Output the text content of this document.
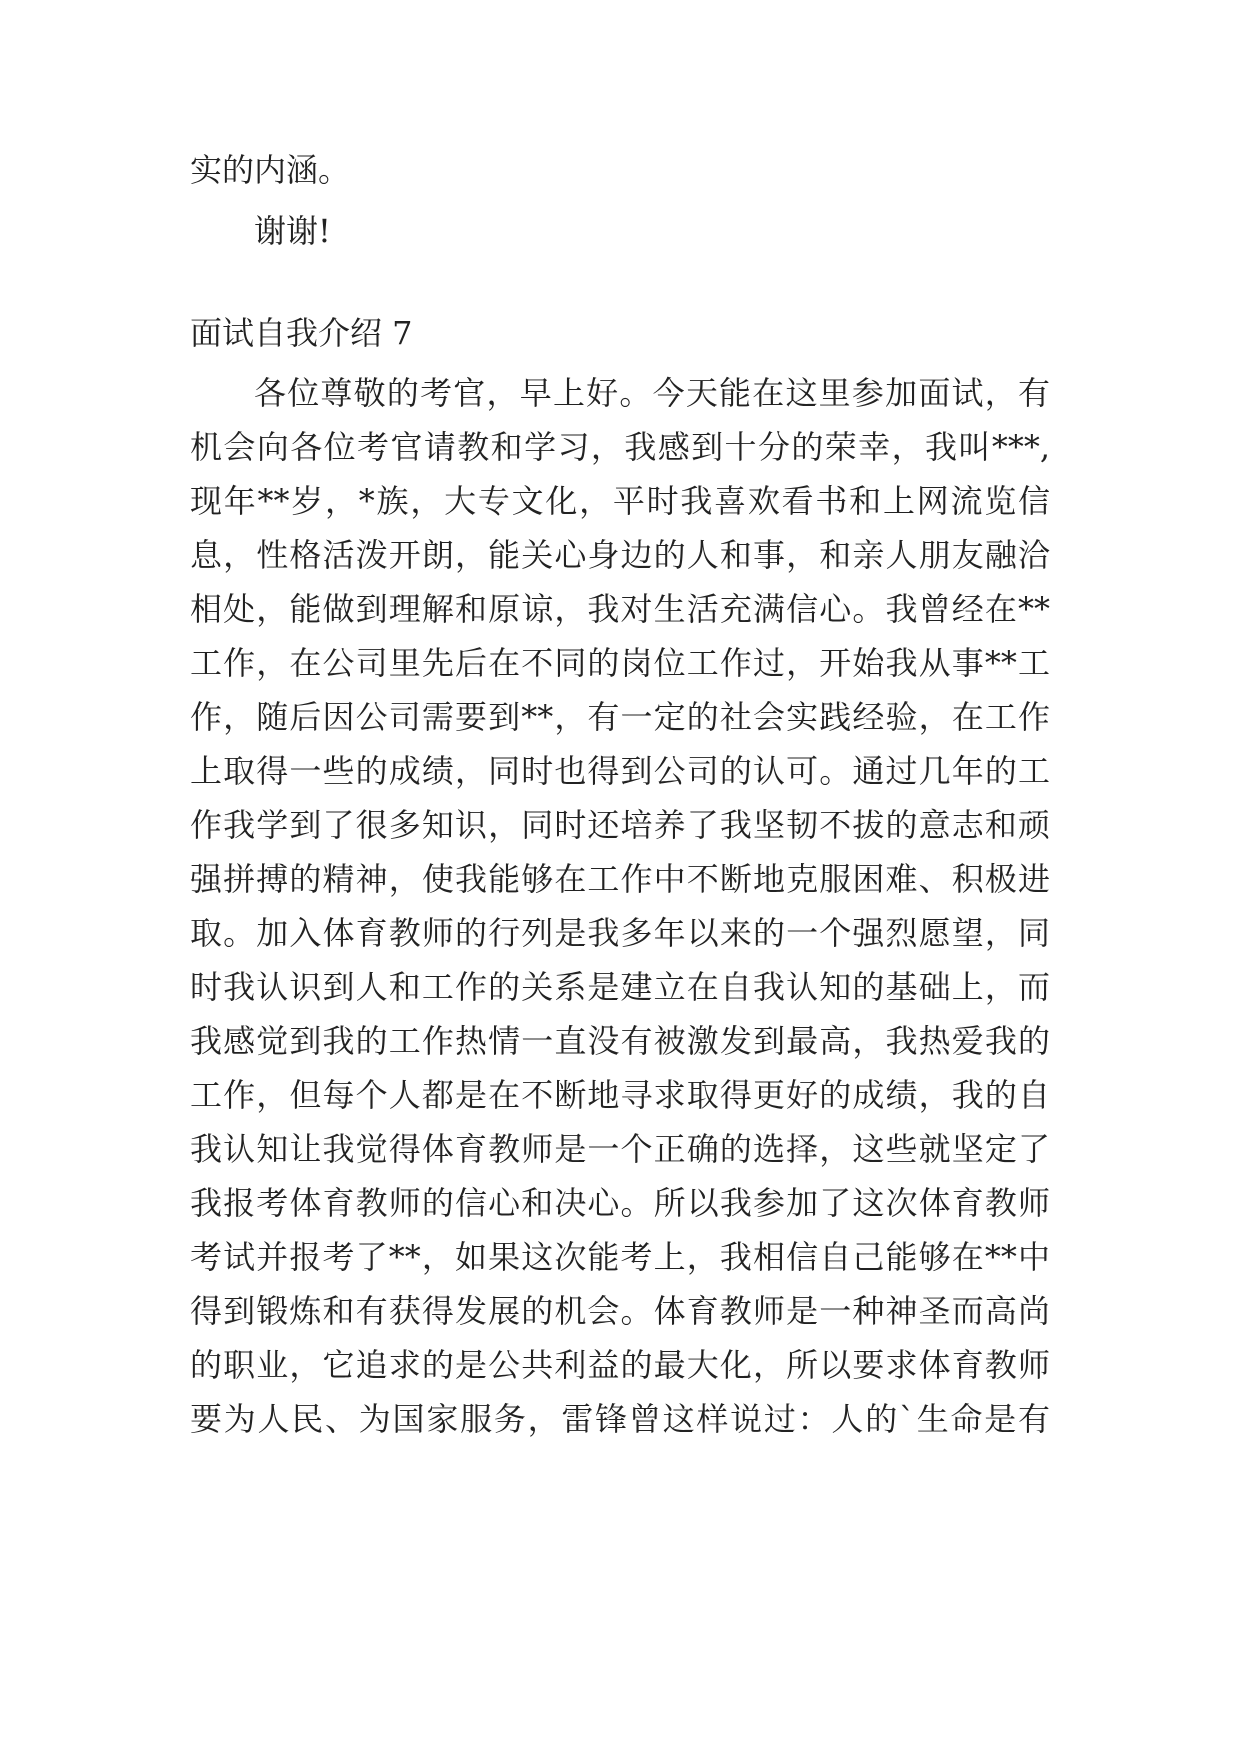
实的内涵。
谢谢!
面试自我介绍 7
各位尊敬的考官，早上好。今天能在这里参加面试，有
机会向各位考官请教和学习，我感到十分的荣幸，我叫***,
现年**岁，*族，大专文化，平时我喜欢看书和上网流览信
息，性格活泼开朗，能关心身边的人和事，和亲人朋友融洽
相处，能做到理解和原谅，我对生活充满信心。我曾经在**
工作，在公司里先后在不同的岗位工作过，开始我从事**工
作，随后因公司需要到**，有一定的社会实践经验，在工作
上取得一些的成绩，同时也得到公司的认可。通过几年的工
作我学到了很多知识，同时还培养了我坚韧不拔的意志和顽
强拼搏的精神，使我能够在工作中不断地克服困难、积极进
取。加入体育教师的行列是我多年以来的一个强烈愿望，同
时我认识到人和工作的关系是建立在自我认知的基础上，而
我感觉到我的工作热情一直没有被激发到最高，我热爱我的
工作，但每个人都是在不断地寻求取得更好的成绩，我的自
我认知让我觉得体育教师是一个正确的选择，这些就坚定了
我报考体育教师的信心和决心。所以我参加了这次体育教师
考试并报考了**，如果这次能考上，我相信自己能够在**中
得到锻炼和有获得发展的机会。体育教师是一种神圣而高尚
的职业，它追求的是公共利益的最大化，所以要求体育教师
要为人民、为国家服务，雷锋曾这样说过：人的`生命是有
